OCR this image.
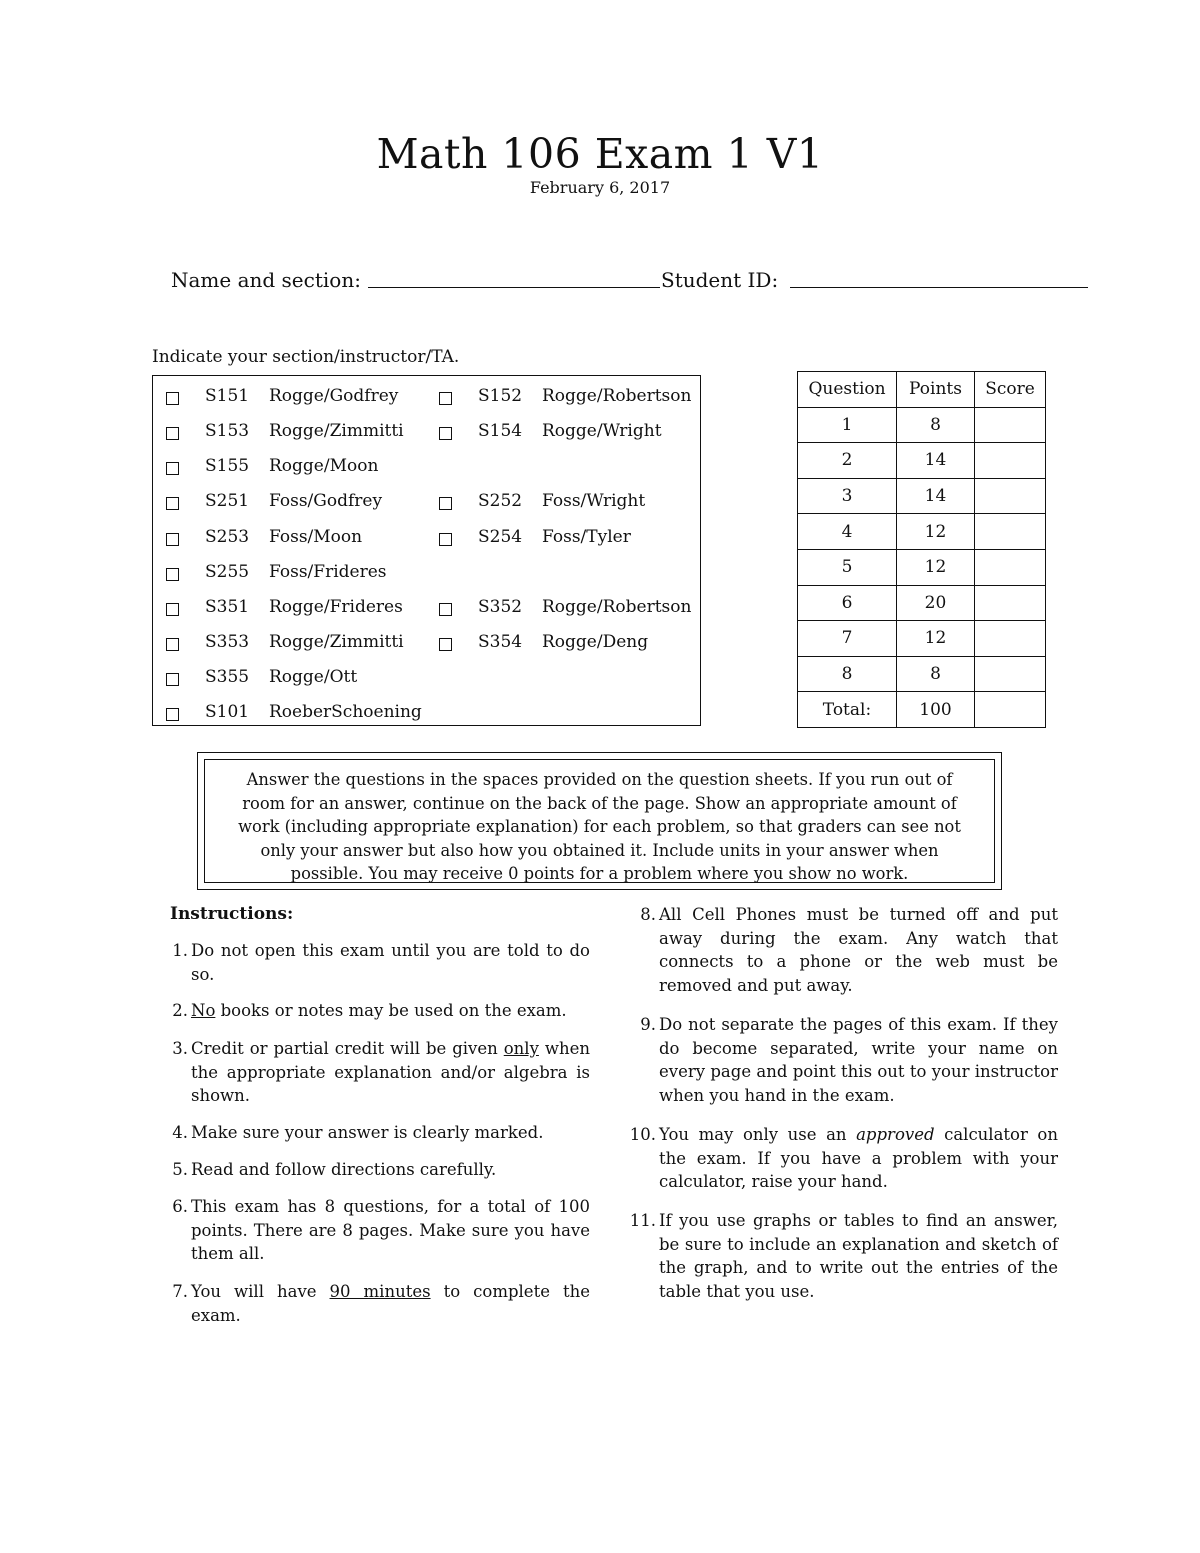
Math 106 Exam 1 V1
February 6, 2017
Name and section:	Student ID:
Indicate your section/instructor/TA.
S151 Rogge/Godfrey	S152 Rogge/Robertson
S153 Rogge/Zimmitti	S154 Rogge/Wright
S155 Rogge/Moon
S251 Foss/Godfrey	S252 Foss/Wright
S253 Foss/Moon	S254 Foss/Tyler
S255 Foss/Frideres
S351 Rogge/Frideres	S352 Rogge/Robertson
S353 Rogge/Zimmitti	S354 Rogge/Deng
S355 Rogge/Ott
S101 RoeberSchoening
Question	Points	Score
1	8	
2	14	
3	14	
4	12	
5	12	
6	20	
7	12	
8	8	
Total:	100	
Answer the questions in the spaces provided on the question sheets. If you run out of room for an answer, continue on the back of the page. Show an appropriate amount of work (including appropriate explanation) for each problem, so that graders can see not only your answer but also how you obtained it. Include units in your answer when possible. You may receive 0 points for a problem where you show no work.
Instructions:
1. Do not open this exam until you are told to do so.
2. No books or notes may be used on the exam.
3. Credit or partial credit will be given only when the appropriate explanation and/or algebra is shown.
4. Make sure your answer is clearly marked.
5. Read and follow directions carefully.
6. This exam has 8 questions, for a total of 100 points. There are 8 pages. Make sure you have them all.
7. You will have 90 minutes to complete the exam.
8. All Cell Phones must be turned off and put away during the exam. Any watch that connects to a phone or the web must be removed and put away.
9. Do not separate the pages of this exam. If they do become separated, write your name on every page and point this out to your instructor when you hand in the exam.
10. You may only use an approved calculator on the exam. If you have a problem with your calculator, raise your hand.
11. If you use graphs or tables to find an answer, be sure to include an explanation and sketch of the graph, and to write out the entries of the table that you use.
